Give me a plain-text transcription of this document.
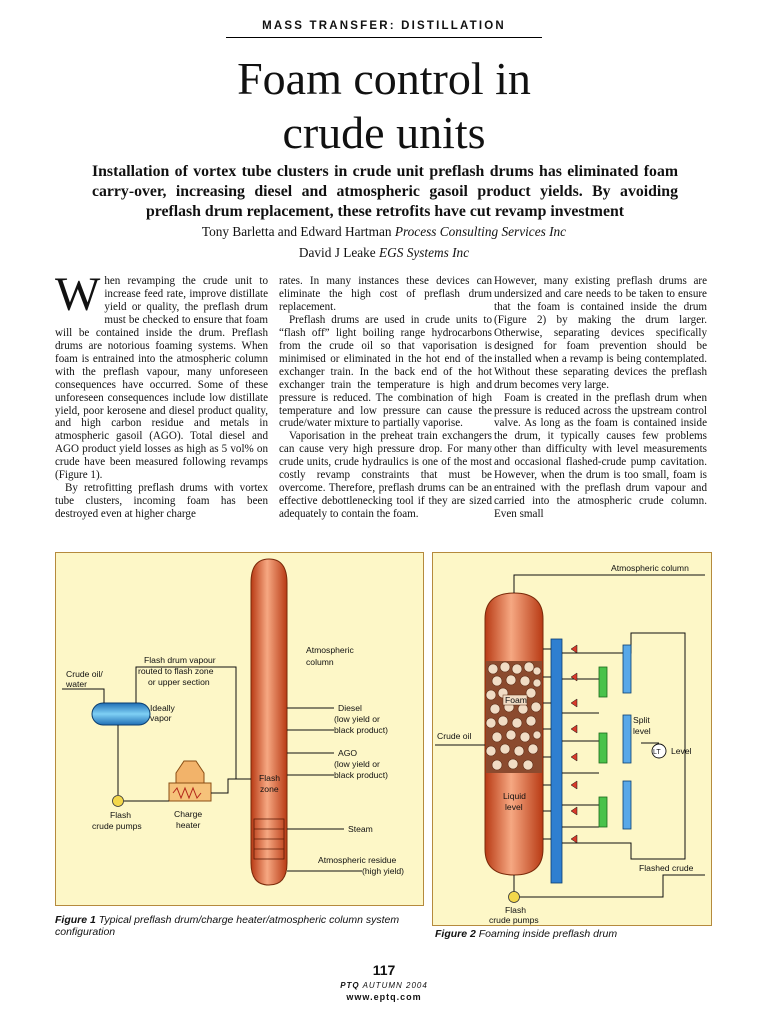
MASS TRANSFER: DISTILLATION
Foam control in
crude units
Installation of vortex tube clusters in crude unit preflash drums has eliminated foam carry-over, increasing diesel and atmospheric gasoil product yields. By avoiding preflash drum replacement, these retrofits have cut revamp investment
Tony Barletta and Edward Hartman Process Consulting Services Inc
David J Leake EGS Systems Inc

When revamping the crude unit to increase feed rate, improve distillate yield or quality, the preflash drum must be checked to ensure that foam will be contained inside the drum. Preflash drums are notorious foaming systems. When foam is entrained into the atmospheric column with the preflash vapour, many unforeseen consequences have occurred. Some of these unforeseen consequences include low distillate yield, poor kerosene and diesel product quality, and high carbon residue and metals in atmospheric gasoil (AGO). Total diesel and AGO product yield losses as high as 5 vol% on crude have been measured following revamps (Figure 1).

By retrofitting preflash drums with vortex tube clusters, incoming foam has been destroyed even at higher charge

rates. In many instances these devices can eliminate the high cost of preflash drum replacement.

Preflash drums are used in crude units to “flash off” light boiling range hydrocarbons from the crude oil so that vaporisation is minimised or eliminated in the hot end of the exchanger train. In the back end of the hot exchanger train the temperature is high and pressure is reduced. The combination of high temperature and low pressure can cause the crude/water mixture to partially vaporise.

Vaporisation in the preheat train exchangers can cause very high pressure drop. For many crude units, crude hydraulics is one of the most costly revamp constraints that must be overcome. Therefore, preflash drums can be an effective debottlenecking tool if they are sized adequately to contain the foam.

However, many existing preflash drums are undersized and care needs to be taken to ensure that the foam is contained inside the drum (Figure 2) by making the drum larger. Otherwise, separating devices specifically designed for foam prevention should be installed when a revamp is being contemplated. Without these separating devices the preflash drum becomes very large.

Foam is created in the preflash drum when pressure is reduced across the upstream control valve. As long as the foam is contained inside the drum, it typically causes few problems other than difficulty with level measurements and occasional flashed-crude pump cavitation. However, when the drum is too small, foam is entrained with the preflash drum vapour and carried into the atmospheric crude column. Even small

Flash
zone
Crude oil/
water
Flash drum vapour
routed to flash zone
or upper section
Ideally
vapor
Atmospheric
column
Diesel
(low yield or
black product)
AGO
(low yield or
black product)
Steam
Atmospheric residue
(high yield)
Flash
crude pumps
Charge
heater
Figure 1 Typical preflash drum/charge heater/atmospheric column system configuration
Foam
Liquid
level
LT Level
Split
level
Atmospheric column
Crude oil
Flashed crude
Flash
crude pumps
Figure 2 Foaming inside preflash drum
117
PTQ AUTUMN 2004
www.eptq.com
